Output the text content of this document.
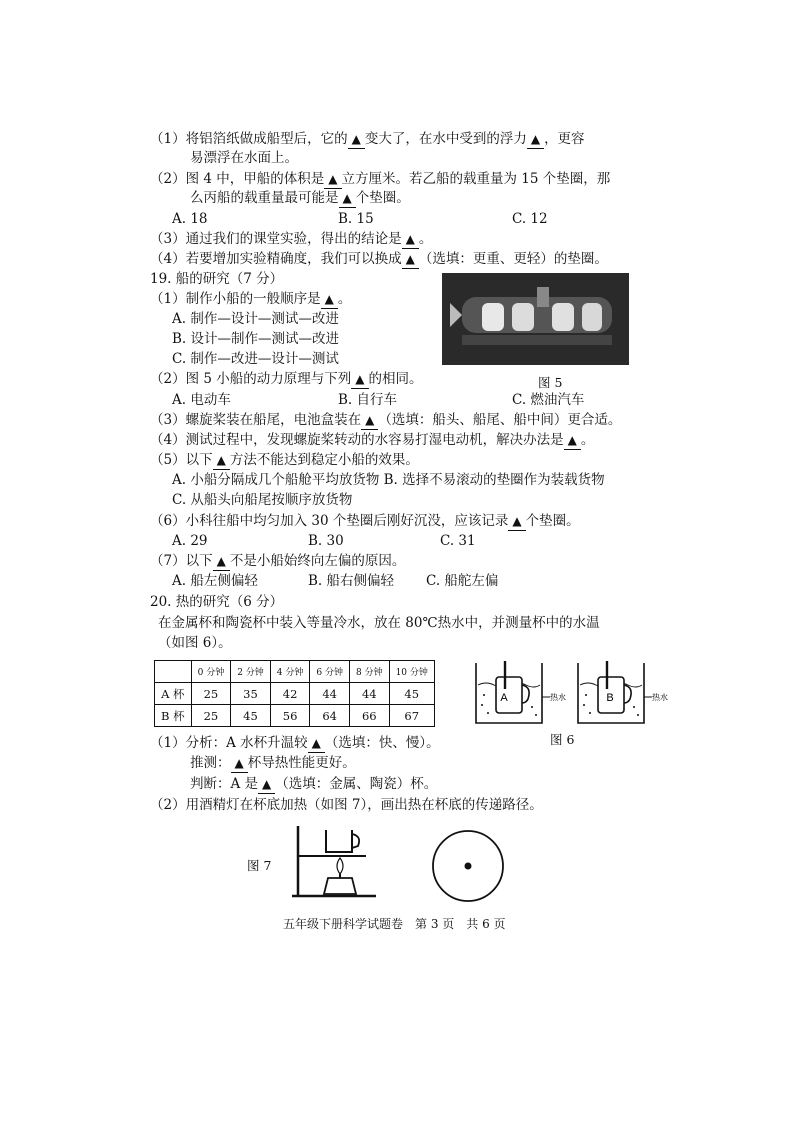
（1）将铝箔纸做成船型后，它的 ▲ 变大了，在水中受到的浮力 ▲ ，更容
易漂浮在水面上。
（2）图 4 中，甲船的体积是 ▲ 立方厘米。若乙船的载重量为 15 个垫圈，那
么丙船的载重量最可能是 ▲ 个垫圈。
A. 18	B. 15	C. 12
（3）通过我们的课堂实验，得出的结论是 ▲ 。
（4）若要增加实验精确度，我们可以换成 ▲ （选填：更重、更轻）的垫圈。
19. 船的研究（7 分）
（1）制作小船的一般顺序是 ▲ 。
A. 制作—设计—测试—改进
B. 设计—制作—测试—改进
C. 制作—改进—设计—测试
图 5
（2）图 5 小船的动力原理与下列 ▲ 的相同。
A. 电动车	B. 自行车	C. 燃油汽车
（3）螺旋桨装在船尾，电池盒装在 ▲ （选填：船头、船尾、船中间）更合适。
（4）测试过程中，发现螺旋桨转动的水容易打湿电动机，解决办法是 ▲ 。
（5）以下 ▲ 方法不能达到稳定小船的效果。
A. 小船分隔成几个船舱平均放货物 B. 选择不易滚动的垫圈作为装载货物
C. 从船头向船尾按顺序放货物
（6）小科往船中均匀加入 30 个垫圈后刚好沉没，应该记录 ▲ 个垫圈。
A. 29	B. 30	C. 31
（7）以下 ▲ 不是小船始终向左偏的原因。
A. 船左侧偏轻	B. 船右侧偏轻 C. 船舵左偏
20. 热的研究（6 分）
在金属杯和陶瓷杯中装入等量冷水，放在 80℃热水中，并测量杯中的水温
（如图 6）。
	0 分钟	2 分钟	4 分钟	6 分钟	8 分钟	10 分钟
A 杯	25	35	42	44	44	45
B 杯	25	45	56	64	66	67
A	热水	B	热水
图 6
（1）分析：A 水杯升温较 ▲ （选填：快、慢）。
推测： ▲ 杯导热性能更好。
判断：A 是 ▲ （选填：金属、陶瓷）杯。
（2）用酒精灯在杯底加热（如图 7），画出热在杯底的传递路径。
图 7
五年级下册科学试题卷　第 3 页　共 6 页
